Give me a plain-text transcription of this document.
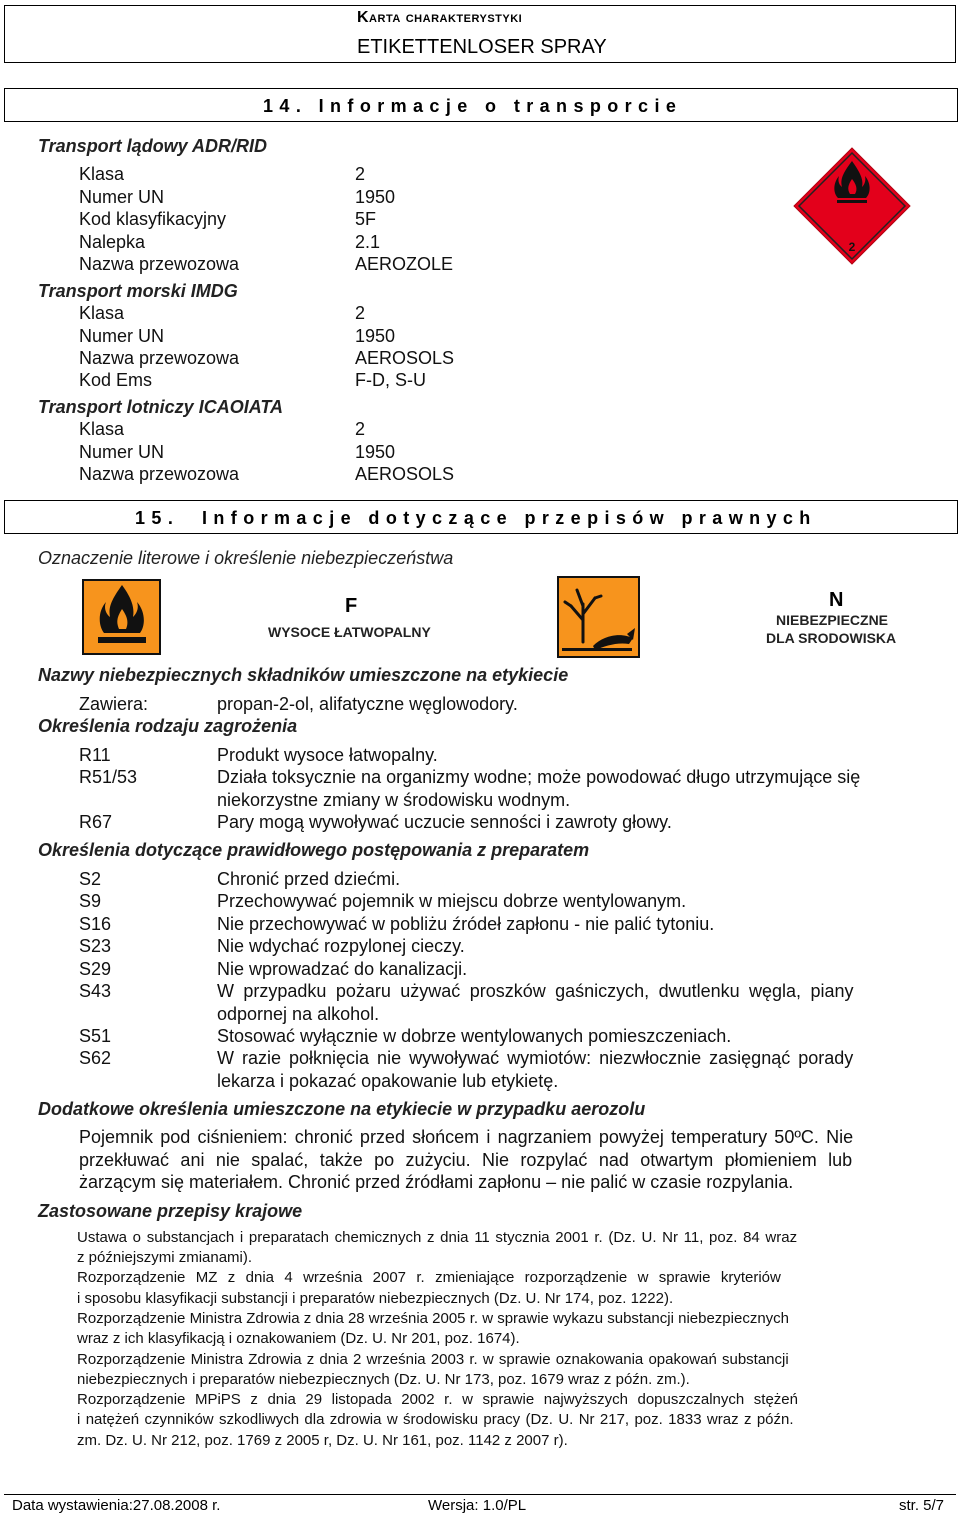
Karta charakterystyki
ETIKETTENLOSER SPRAY
14. Informacje o transporcie
Transport lądowy ADR/RID
Klasa	2
Numer UN	1950
Kod klasyfikacyjny	5F
Nalepka	2.1
Nazwa przewozowa	AEROZOLE
Transport morski IMDG
Klasa	2
Numer UN	1950
Nazwa przewozowa	AEROSOLS
Kod Ems	F-D, S-U
Transport lotniczy ICAOIATA
Klasa	2
Numer UN	1950
Nazwa przewozowa	AEROSOLS
2
15. Informacje dotyczące przepisów prawnych
Oznaczenie literowe i określenie niebezpieczeństwa
F
WYSOCE ŁATWOPALNY
N
NIEBEZPIECZNE
DLA SRODOWISKA
Nazwy niebezpiecznych składników umieszczone na etykiecie
Zawiera:	propan-2-ol, alifatyczne węglowodory.
Określenia rodzaju zagrożenia
R11	Produkt wysoce łatwopalny.
R51/53	Działa toksycznie na organizmy wodne; może powodować długo utrzymujące się
niekorzystne zmiany w środowisku wodnym.
R67	Pary mogą wywoływać uczucie senności i zawroty głowy.
Określenia dotyczące prawidłowego postępowania z preparatem
S2	Chronić przed dziećmi.
S9	Przechowywać pojemnik w miejscu dobrze wentylowanym.
S16	Nie przechowywać w pobliżu źródeł zapłonu - nie palić tytoniu.
S23	Nie wdychać rozpylonej cieczy.
S29	Nie wprowadzać do kanalizacji.
S43	W przypadku pożaru używać proszków gaśniczych, dwutlenku węgla, piany
odpornej na alkohol.
S51	Stosować wyłącznie w dobrze wentylowanych pomieszczeniach.
S62	W razie połknięcia nie wywoływać wymiotów: niezwłocznie zasięgnąć porady
lekarza i pokazać opakowanie lub etykietę.
Dodatkowe określenia umieszczone na etykiecie w przypadku aerozolu
Pojemnik pod ciśnieniem: chronić przed słońcem i nagrzaniem powyżej temperatury 50ºC. Nie
przekłuwać ani nie spalać, także po zużyciu. Nie rozpylać nad otwartym płomieniem lub
żarzącym się materiałem. Chronić przed źródłami zapłonu – nie palić w czasie rozpylania.
Zastosowane przepisy krajowe
Ustawa o substancjach i preparatach chemicznych z dnia 11 stycznia 2001 r. (Dz. U. Nr 11, poz. 84 wraz
z późniejszymi zmianami).
Rozporządzenie MZ z dnia 4 września 2007 r. zmieniające rozporządzenie w sprawie kryteriów
i sposobu klasyfikacji substancji i preparatów niebezpiecznych (Dz. U. Nr 174, poz. 1222).
Rozporządzenie Ministra Zdrowia z dnia 28 września 2005 r. w sprawie wykazu substancji niebezpiecznych
wraz z ich klasyfikacją i oznakowaniem (Dz. U. Nr 201, poz. 1674).
Rozporządzenie Ministra Zdrowia z dnia 2 września 2003 r. w sprawie oznakowania opakowań substancji
niebezpiecznych i preparatów niebezpiecznych (Dz. U. Nr 173, poz. 1679 wraz z późn. zm.).
Rozporządzenie MPiPS z dnia 29 listopada 2002 r. w sprawie najwyższych dopuszczalnych stężeń
i natężeń czynników szkodliwych dla zdrowia w środowisku pracy (Dz. U. Nr 217, poz. 1833 wraz z późn.
zm. Dz. U. Nr 212, poz. 1769 z 2005 r, Dz. U. Nr 161, poz. 1142 z 2007 r).
Data wystawienia:27.08.2008 r.	Wersja: 1.0/PL	str. 5/7
